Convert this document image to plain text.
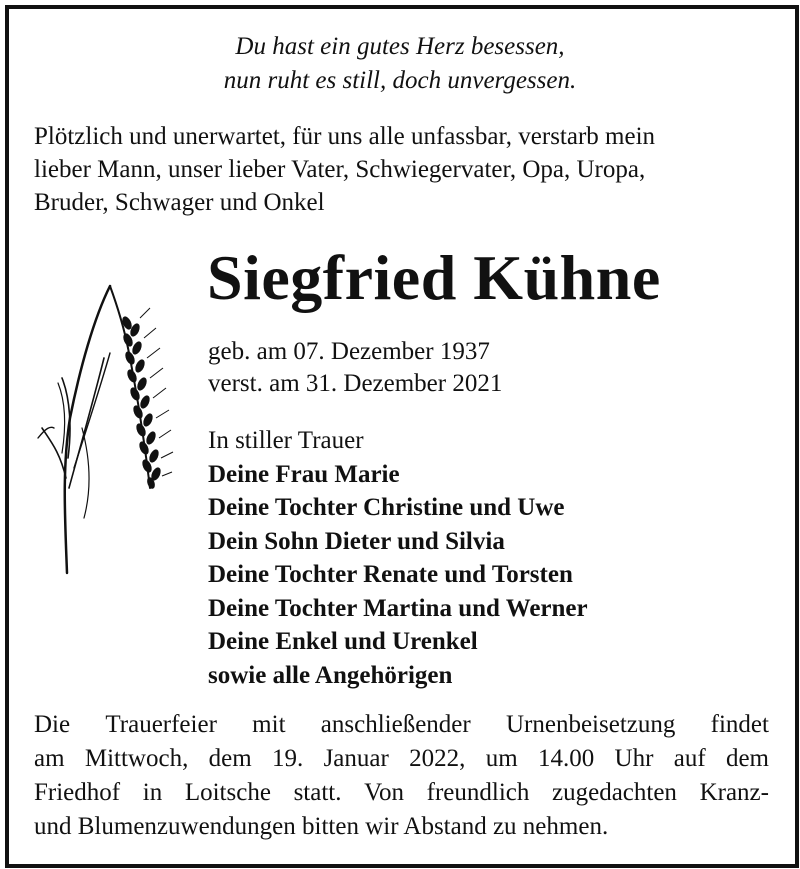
Du hast ein gutes Herz besessen,
nun ruht es still, doch unvergessen.
Plötzlich und unerwartet, für uns alle unfassbar, verstarb mein
lieber Mann, unser lieber Vater, Schwiegervater, Opa, Uropa,
Bruder, Schwager und Onkel
Siegfried Kühne
geb. am 07. Dezember 1937
verst. am 31. Dezember 2021
In stiller Trauer
Deine Frau Marie
Deine Tochter Christine und Uwe
Dein Sohn Dieter und Silvia
Deine Tochter Renate und Torsten
Deine Tochter Martina und Werner
Deine Enkel und Urenkel
sowie alle Angehörigen
Die Trauerfeier mit anschließender Urnenbeisetzung findet
am Mittwoch, dem 19. Januar 2022, um 14.00 Uhr auf dem
Friedhof in Loitsche statt. Von freundlich zugedachten Kranz-
und Blumenzuwendungen bitten wir Abstand zu nehmen.
